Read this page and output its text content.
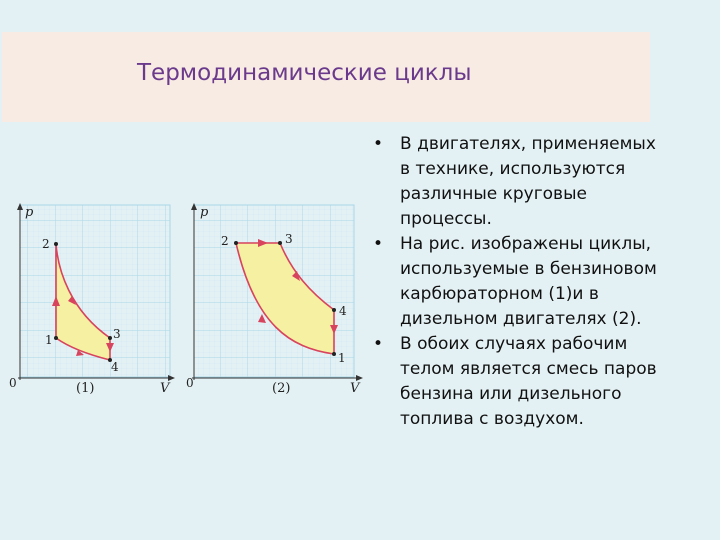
Термодинамические циклы
p
V
0
1
2
3
4
(1)
p
V
0
1
2	3
4
(2)
• В двигателях, применяемых в технике, используются различные круговые процессы.
• На рис. изображены циклы, используемые в бензиновом карбюраторном (1)и в дизельном двигателях (2).
• В обоих случаях рабочим телом является смесь паров бензина или дизельного топлива с воздухом.
